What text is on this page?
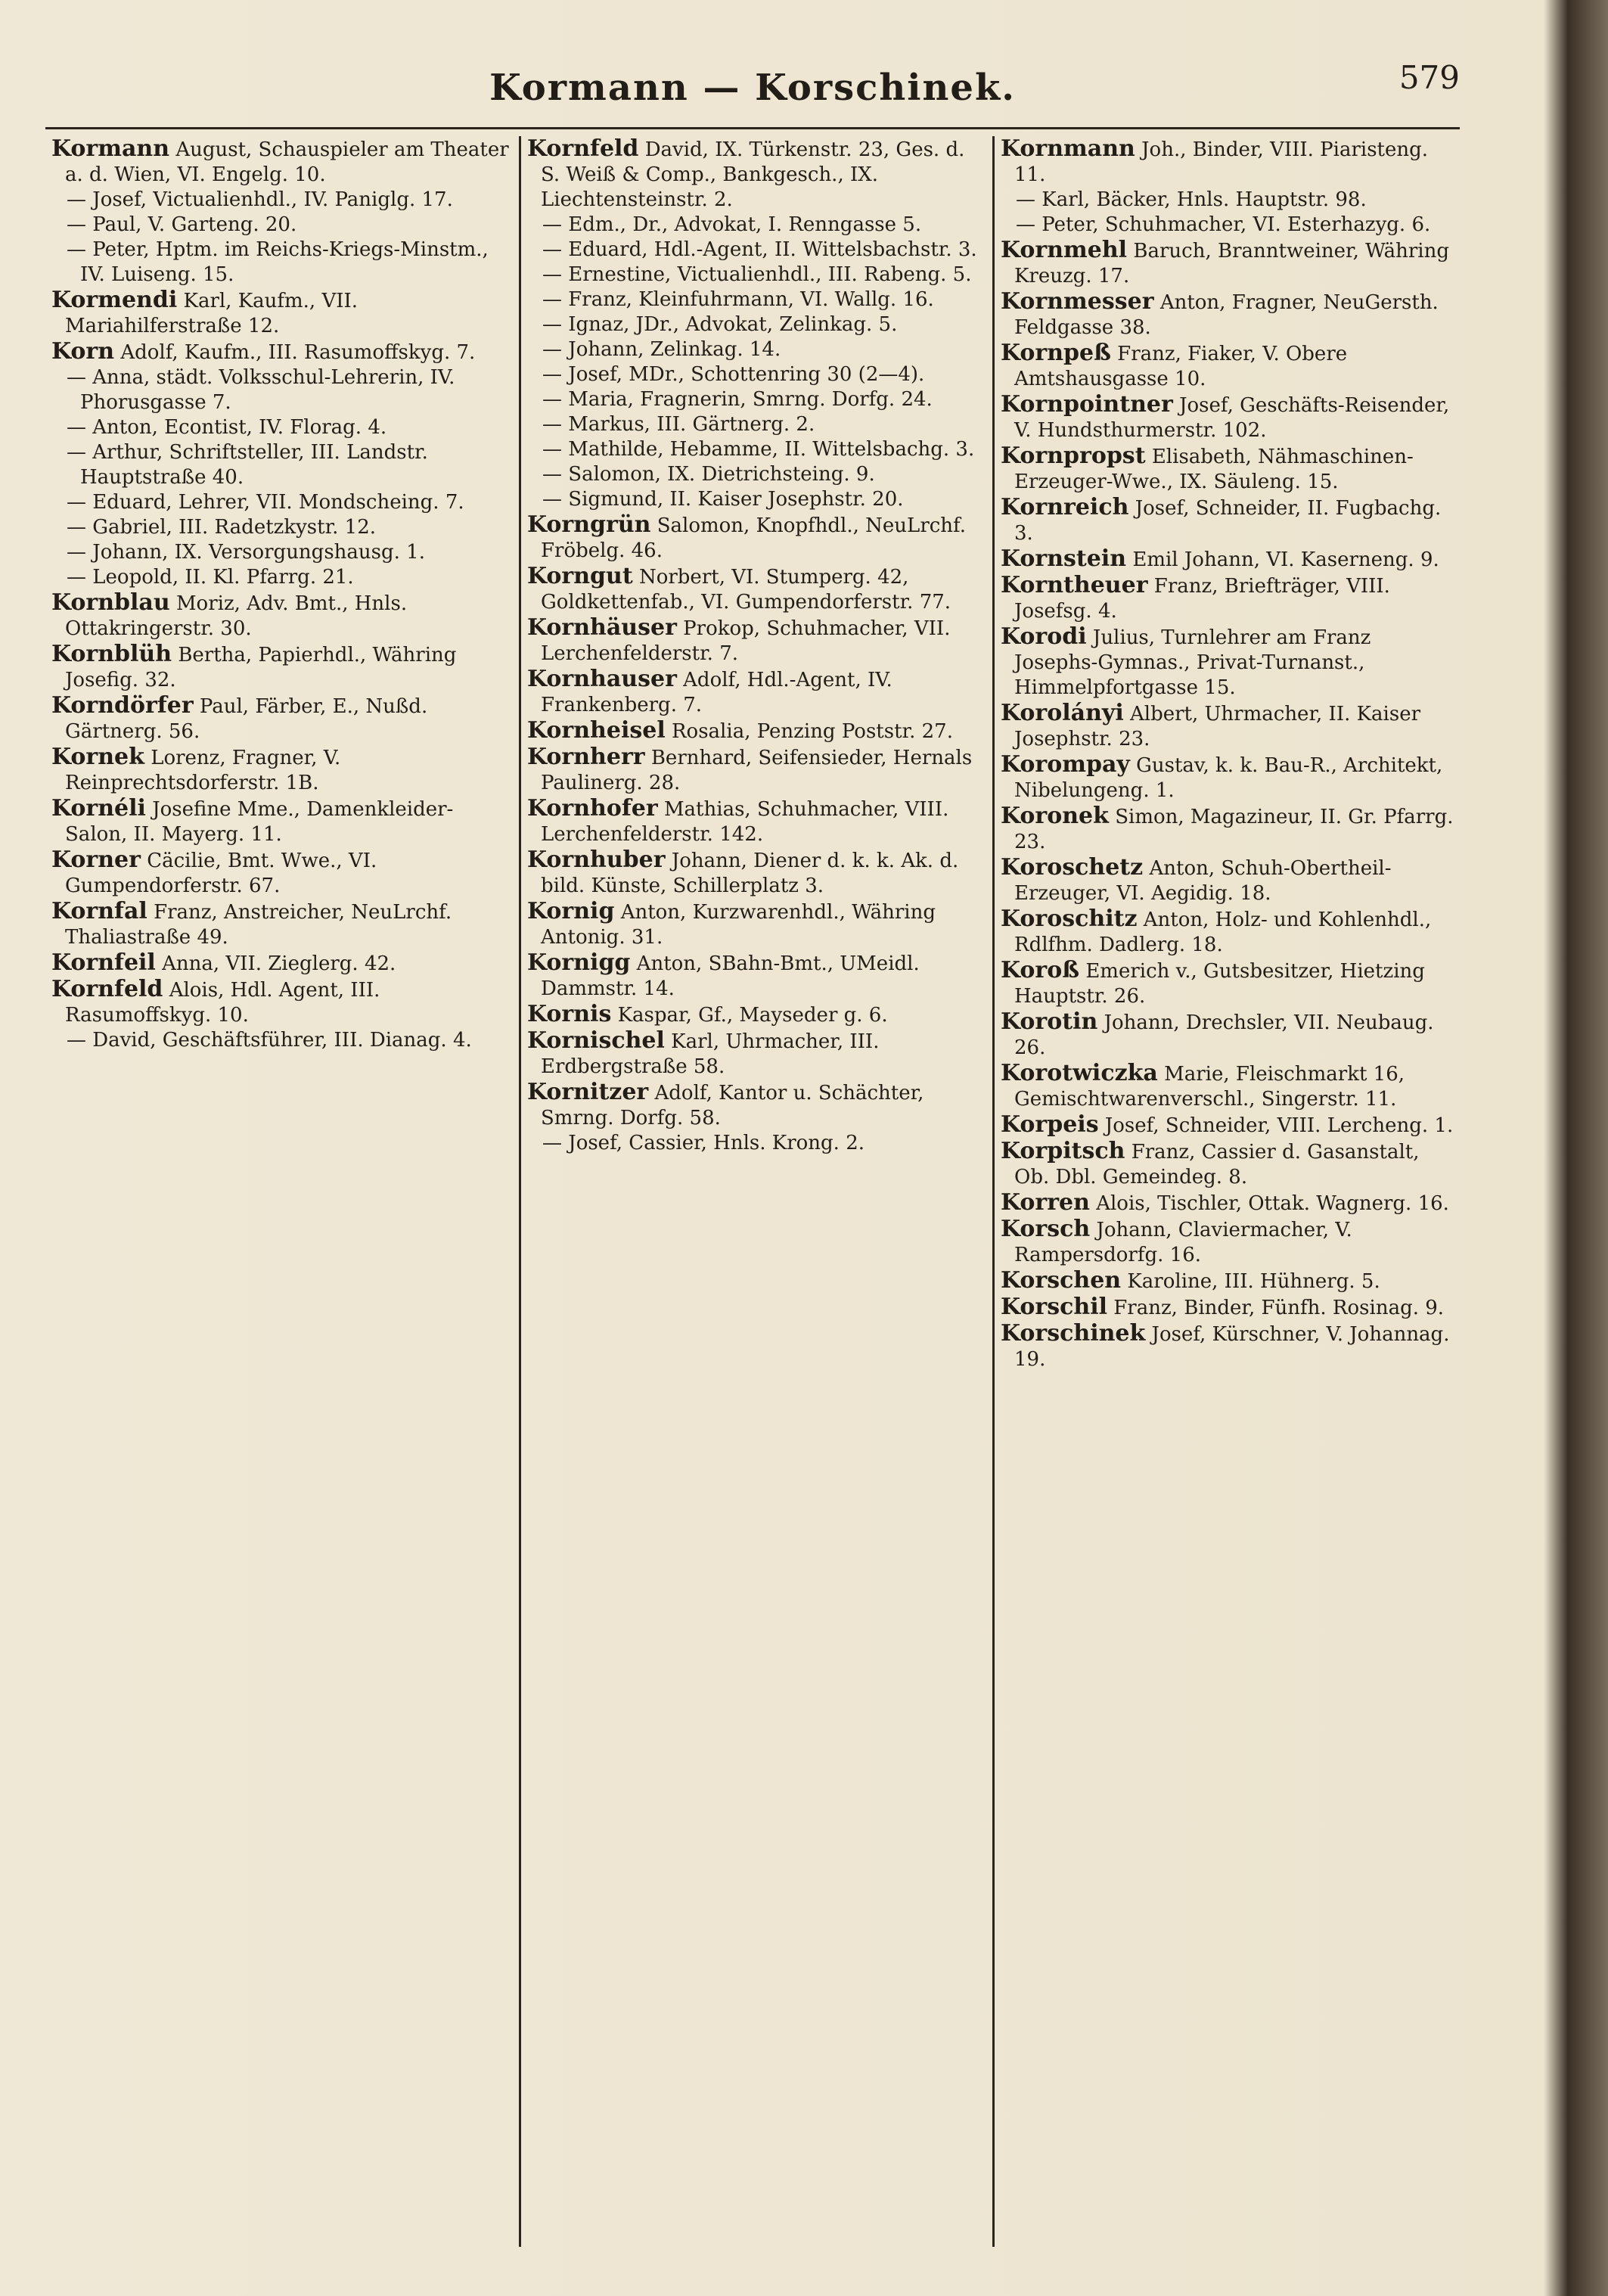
Kormann — Korschinek.	579

Kormann August, Schauspieler am Theater a. d. Wien, VI. Engelg. 10.

— Josef, Victualienhdl., IV. Paniglg. 17.

— Paul, V. Garteng. 20.

— Peter, Hptm. im Reichs-Kriegs-Minstm., IV. Luiseng. 15.

Kormendi Karl, Kaufm., VII. Mariahilferstraße 12.

Korn Adolf, Kaufm., III. Rasumoffskyg. 7.

— Anna, städt. Volksschul-Lehrerin, IV. Phorusgasse 7.

— Anton, Econtist, IV. Florag. 4.

— Arthur, Schriftsteller, III. Landstr. Hauptstraße 40.

— Eduard, Lehrer, VII. Mondscheing. 7.

— Gabriel, III. Radetzkystr. 12.

— Johann, IX. Versorgungshausg. 1.

— Leopold, II. Kl. Pfarrg. 21.

Kornblau Moriz, Adv. Bmt., Hnls. Ottakringerstr. 30.

Kornblüh Bertha, Papierhdl., Währing Josefig. 32.

Korndörfer Paul, Färber, E., Nußd. Gärtnerg. 56.

Kornek Lorenz, Fragner, V. Reinprechtsdorferstr. 1B.

Kornéli Josefine Mme., Damenkleider-Salon, II. Mayerg. 11.

Korner Cäcilie, Bmt. Wwe., VI. Gumpendorferstr. 67.

Kornfal Franz, Anstreicher, NeuLrchf. Thaliastraße 49.

Kornfeil Anna, VII. Zieglerg. 42.

Kornfeld Alois, Hdl. Agent, III. Rasumoffskyg. 10.

— David, Geschäftsführer, III. Dianag. 4.

Kornfeld David, IX. Türkenstr. 23, Ges. d. S. Weiß & Comp., Bankgesch., IX. Liechtensteinstr. 2.

— Edm., Dr., Advokat, I. Renngasse 5.

— Eduard, Hdl.-Agent, II. Wittelsbachstr. 3.

— Ernestine, Victualienhdl., III. Rabeng. 5.

— Franz, Kleinfuhrmann, VI. Wallg. 16.

— Ignaz, JDr., Advokat, Zelinkag. 5.

— Johann, Zelinkag. 14.

— Josef, MDr., Schottenring 30 (2—4).

— Maria, Fragnerin, Smrng. Dorfg. 24.

— Markus, III. Gärtnerg. 2.

— Mathilde, Hebamme, II. Wittelsbachg. 3.

— Salomon, IX. Dietrichsteing. 9.

— Sigmund, II. Kaiser Josephstr. 20.

Korngrün Salomon, Knopfhdl., NeuLrchf. Fröbelg. 46.

Korngut Norbert, VI. Stumperg. 42, Goldkettenfab., VI. Gumpendorferstr. 77.

Kornhäuser Prokop, Schuhmacher, VII. Lerchenfelderstr. 7.

Kornhauser Adolf, Hdl.-Agent, IV. Frankenberg. 7.

Kornheisel Rosalia, Penzing Poststr. 27.

Kornherr Bernhard, Seifensieder, Hernals Paulinerg. 28.

Kornhofer Mathias, Schuhmacher, VIII. Lerchenfelderstr. 142.

Kornhuber Johann, Diener d. k. k. Ak. d. bild. Künste, Schillerplatz 3.

Kornig Anton, Kurzwarenhdl., Währing Antonig. 31.

Kornigg Anton, SBahn-Bmt., UMeidl. Dammstr. 14.

Kornis Kaspar, Gf., Mayseder g. 6.

Kornischel Karl, Uhrmacher, III. Erdbergstraße 58.

Kornitzer Adolf, Kantor u. Schächter, Smrng. Dorfg. 58.

— Josef, Cassier, Hnls. Krong. 2.

Kornmann Joh., Binder, VIII. Piaristeng. 11.

— Karl, Bäcker, Hnls. Hauptstr. 98.

— Peter, Schuhmacher, VI. Esterhazyg. 6.

Kornmehl Baruch, Branntweiner, Währing Kreuzg. 17.

Kornmesser Anton, Fragner, NeuGersth. Feldgasse 38.

Kornpeß Franz, Fiaker, V. Obere Amtshausgasse 10.

Kornpointner Josef, Geschäfts-Reisender, V. Hundsthurmerstr. 102.

Kornpropst Elisabeth, Nähmaschinen-Erzeuger-Wwe., IX. Säuleng. 15.

Kornreich Josef, Schneider, II. Fugbachg. 3.

Kornstein Emil Johann, VI. Kaserneng. 9.

Korntheuer Franz, Briefträger, VIII. Josefsg. 4.

Korodi Julius, Turnlehrer am Franz Josephs-Gymnas., Privat-Turnanst., Himmelpfortgasse 15.

Korolányi Albert, Uhrmacher, II. Kaiser Josephstr. 23.

Korompay Gustav, k. k. Bau-R., Architekt, Nibelungeng. 1.

Koronek Simon, Magazineur, II. Gr. Pfarrg. 23.

Koroschetz Anton, Schuh-Obertheil-Erzeuger, VI. Aegidig. 18.

Koroschitz Anton, Holz- und Kohlenhdl., Rdlfhm. Dadlerg. 18.

Koroß Emerich v., Gutsbesitzer, Hietzing Hauptstr. 26.

Korotin Johann, Drechsler, VII. Neubaug. 26.

Korotwiczka Marie, Fleischmarkt 16, Gemischtwarenverschl., Singerstr. 11.

Korpeis Josef, Schneider, VIII. Lercheng. 1.

Korpitsch Franz, Cassier d. Gasanstalt, Ob. Dbl. Gemeindeg. 8.

Korren Alois, Tischler, Ottak. Wagnerg. 16.

Korsch Johann, Claviermacher, V. Rampersdorfg. 16.

Korschen Karoline, III. Hühnerg. 5.

Korschil Franz, Binder, Fünfh. Rosinag. 9.

Korschinek Josef, Kürschner, V. Johannag. 19.
